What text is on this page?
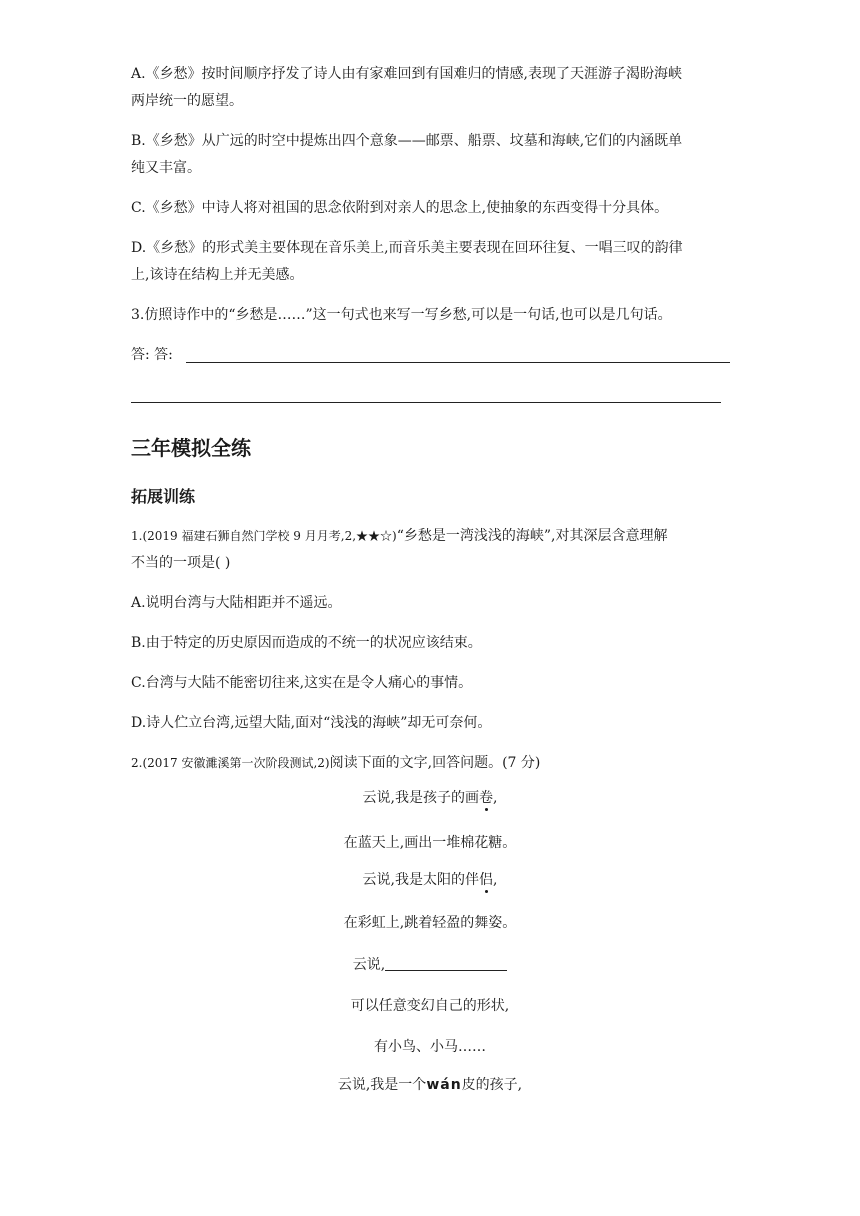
A.《乡愁》按时间顺序抒发了诗人由有家难回到有国难归的情感,表现了天涯游子渴盼海峡
两岸统一的愿望。
B.《乡愁》从广远的时空中提炼出四个意象——邮票、船票、坟墓和海峡,它们的内涵既单
纯又丰富。
C.《乡愁》中诗人将对祖国的思念依附到对亲人的思念上,使抽象的东西变得十分具体。
D.《乡愁》的形式美主要体现在音乐美上,而音乐美主要表现在回环往复、一唱三叹的韵律
上,该诗在结构上并无美感。
3.仿照诗作中的“乡愁是……”这一句式也来写一写乡愁,可以是一句话,也可以是几句话。
答: 答:
三年模拟全练
拓展训练
1.(2019 福建石狮自然门学校 9 月月考,2,★★☆)“乡愁是一湾浅浅的海峡”,对其深层含意理解
不当的一项是( )
A.说明台湾与大陆相距并不遥远。
B.由于特定的历史原因而造成的不统一的状况应该结束。
C.台湾与大陆不能密切往来,这实在是令人痛心的事情。
D.诗人伫立台湾,远望大陆,面对“浅浅的海峡”却无可奈何。
2.(2017 安徽濉溪第一次阶段测试,2)阅读下面的文字,回答问题。(7 分)
云说,我是孩子的画卷,
在蓝天上,画出一堆棉花糖。
云说,我是太阳的伴侣,
在彩虹上,跳着轻盈的舞姿。
云说,
可以任意变幻自己的形状,
有小鸟、小马……
云说,我是一个wán皮的孩子,
